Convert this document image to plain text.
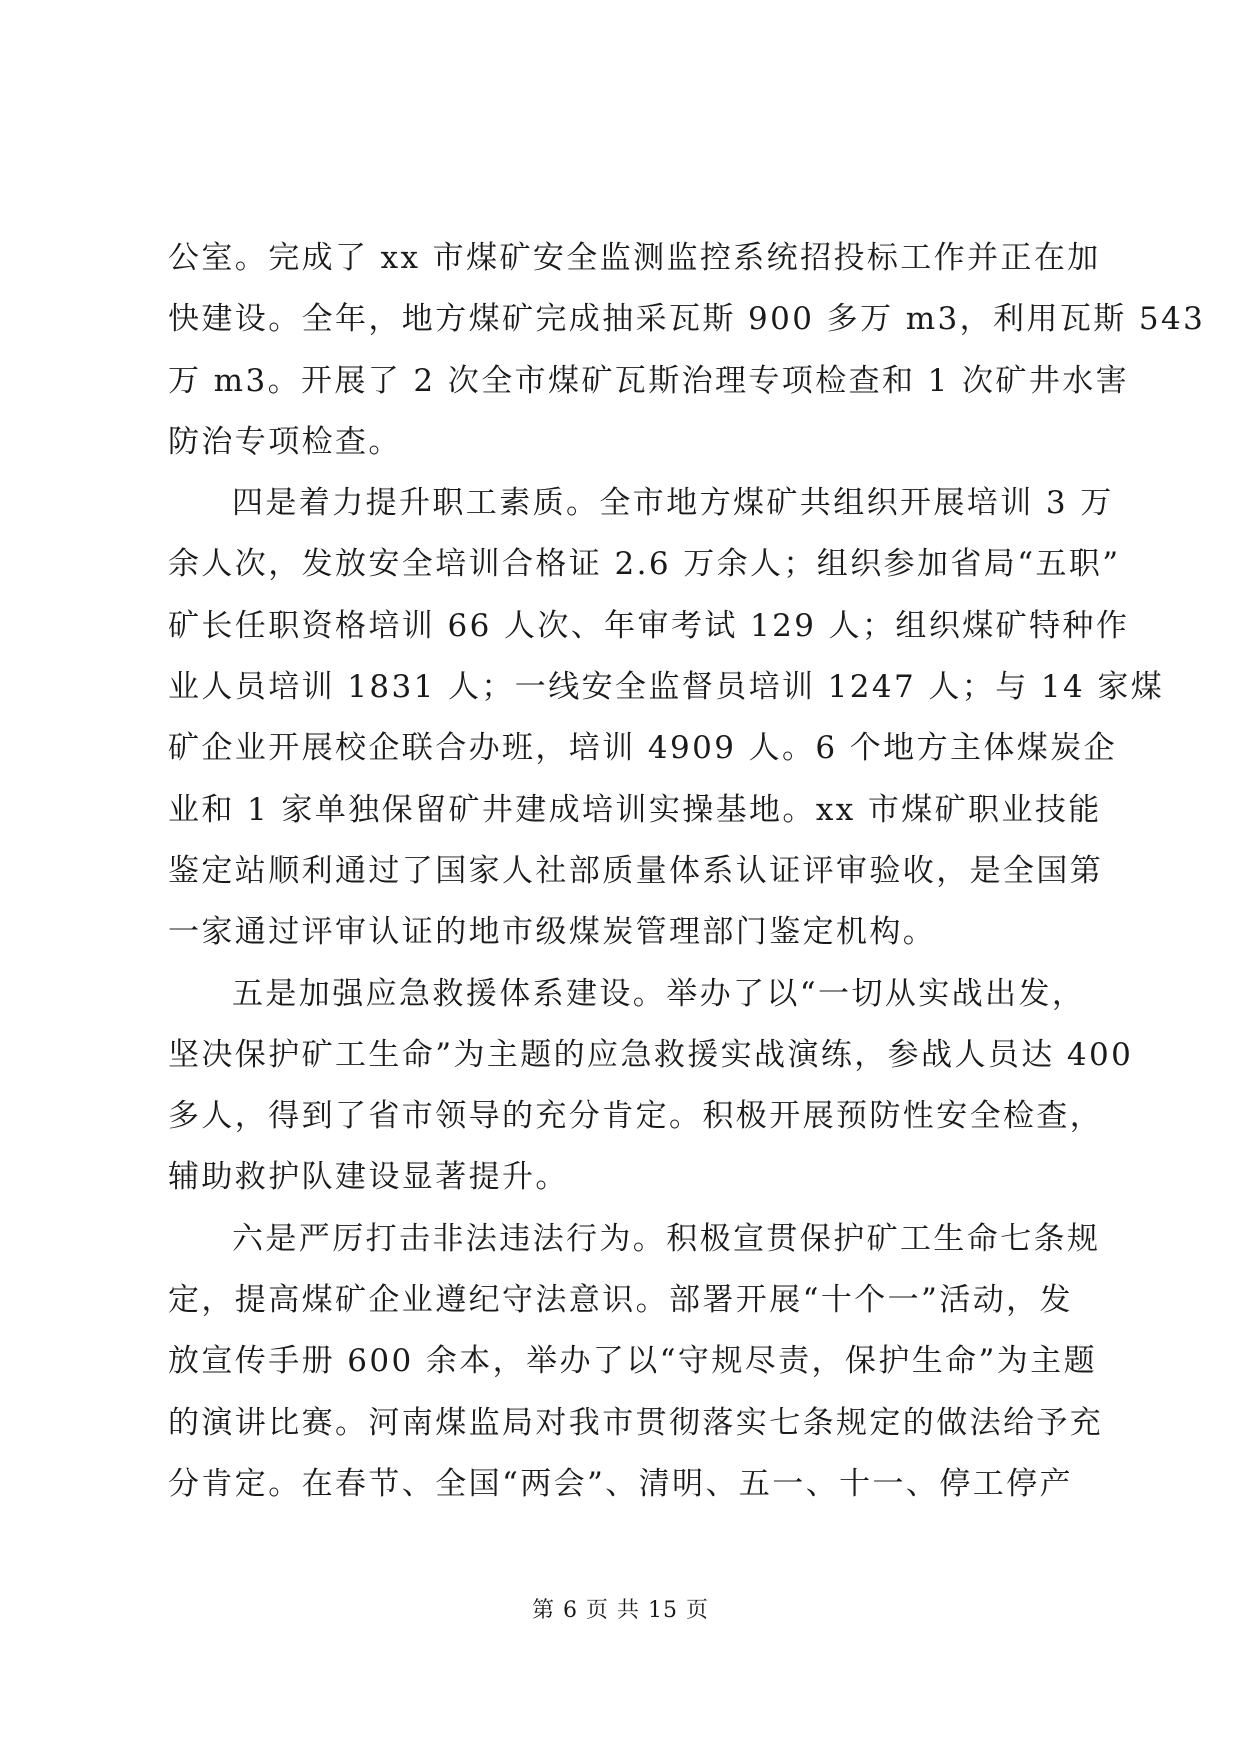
公室。完成了 xx 市煤矿安全监测监控系统招投标工作并正在加
快建设。全年，地方煤矿完成抽采瓦斯 900 多万 m3，利用瓦斯 543
万 m3。开展了 2 次全市煤矿瓦斯治理专项检查和 1 次矿井水害
防治专项检查。
四是着力提升职工素质。全市地方煤矿共组织开展培训 3 万
余人次，发放安全培训合格证 2.6 万余人；组织参加省局“五职”
矿长任职资格培训 66 人次、年审考试 129 人；组织煤矿特种作
业人员培训 1831 人；一线安全监督员培训 1247 人；与 14 家煤
矿企业开展校企联合办班，培训 4909 人。6 个地方主体煤炭企
业和 1 家单独保留矿井建成培训实操基地。xx 市煤矿职业技能
鉴定站顺利通过了国家人社部质量体系认证评审验收，是全国第
一家通过评审认证的地市级煤炭管理部门鉴定机构。
五是加强应急救援体系建设。举办了以“一切从实战出发，
坚决保护矿工生命”为主题的应急救援实战演练，参战人员达 400
多人，得到了省市领导的充分肯定。积极开展预防性安全检查，
辅助救护队建设显著提升。
六是严厉打击非法违法行为。积极宣贯保护矿工生命七条规
定，提高煤矿企业遵纪守法意识。部署开展“十个一”活动，发
放宣传手册 600 余本，举办了以“守规尽责，保护生命”为主题
的演讲比赛。河南煤监局对我市贯彻落实七条规定的做法给予充
分肯定。在春节、全国“两会”、清明、五一、十一、停工停产
第 6 页 共 15 页
